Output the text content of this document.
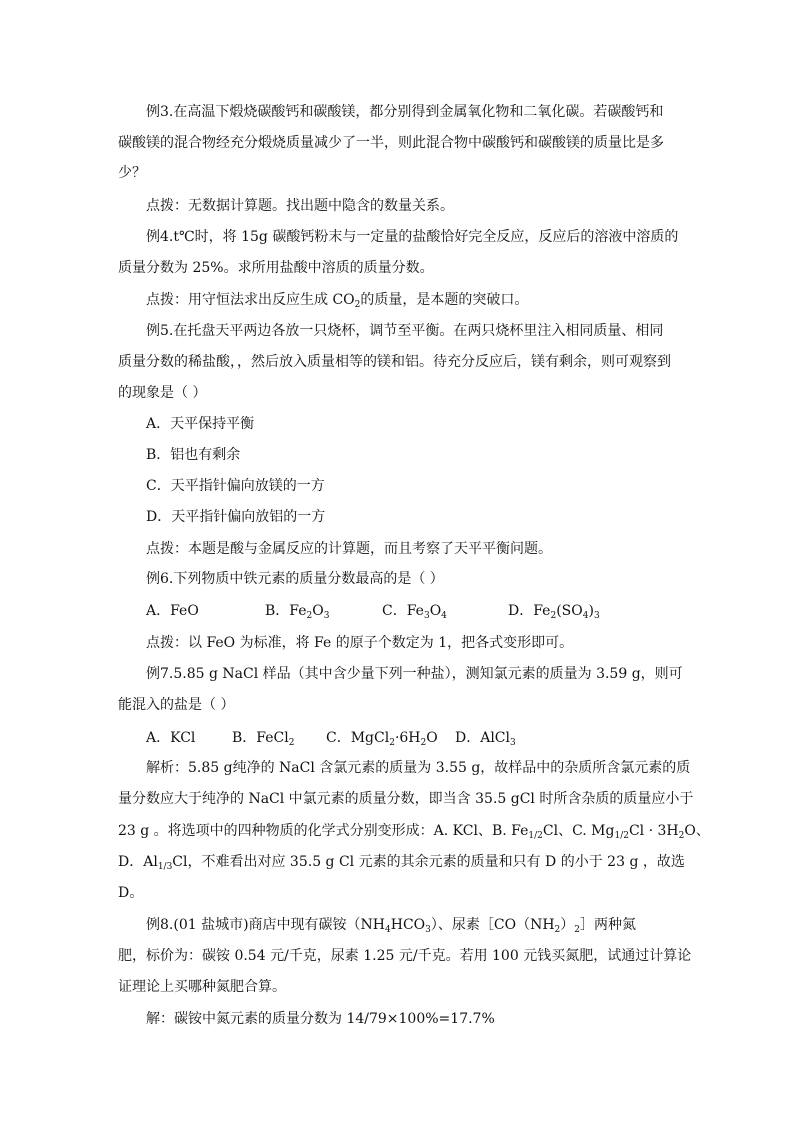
例3.在高温下煅烧碳酸钙和碳酸镁，都分别得到金属氧化物和二氧化碳。若碳酸钙和
碳酸镁的混合物经充分煅烧质量减少了一半，则此混合物中碳酸钙和碳酸镁的质量比是多
少？
点拨：无数据计算题。找出题中隐含的数量关系。
例4.t℃时，将 15g 碳酸钙粉末与一定量的盐酸恰好完全反应，反应后的溶液中溶质的
质量分数为 25%。求所用盐酸中溶质的质量分数。
点拨：用守恒法求出反应生成 $CO_2$的质量，是本题的突破口。
例5.在托盘天平两边各放一只烧杯，调节至平衡。在两只烧杯里注入相同质量、相同
质量分数的稀盐酸，，然后放入质量相等的镁和铝。待充分反应后，镁有剩余，则可观察到
的现象是（ ）
A．天平保持平衡
B．铝也有剩余
C．天平指针偏向放镁的一方
D．天平指针偏向放铝的一方
点拨：本题是酸与金属反应的计算题，而且考察了天平平衡问题。
例6.下列物质中铁元素的质量分数最高的是（ ）
A．FeO	B．$Fe_2O_3$	C．$Fe_3O_4$	D．$Fe_2(SO_4)_3$
点拨：以 FeO 为标准，将 Fe 的原子个数定为 1，把各式变形即可。
例7.5.85 g NaCl 样品（其中含少量下列一种盐），测知氯元素的质量为 3.59 g，则可
能混入的盐是（ ）
A．KCl	B．FeCl$_2$ C．$MgCl_2\cdot 6H_2O$ D．AlCl$_3$
解析：5.85 g纯净的 NaCl 含氯元素的质量为 3.55 g，故样品中的杂质所含氯元素的质
量分数应大于纯净的 NaCl 中氯元素的质量分数，即当含 35.5 gCl 时所含杂质的质量应小于
23 g 。将选项中的四种物质的化学式分别变形成：A. KCl、B. $Fe_{1/2}Cl$、C. $Mg_{1/2}Cl \cdot 3H_2O$、
D．$Al_{1/3}Cl$，不难看出对应 35.5 g Cl 元素的其余元素的质量和只有 D 的小于 23 g ，故选
D。
例8.(01 盐城市)商店中现有碳铵$(NH_4HCO_3)$、尿素$[CO(NH_2)_2]$两种氮
肥，标价为：碳铵 0.54 元/千克，尿素 1.25 元/千克。若用 100 元钱买氮肥，试通过计算论
证理论上买哪种氮肥合算。
解：碳铵中氮元素的质量分数为 14/79×100%=17.7%
